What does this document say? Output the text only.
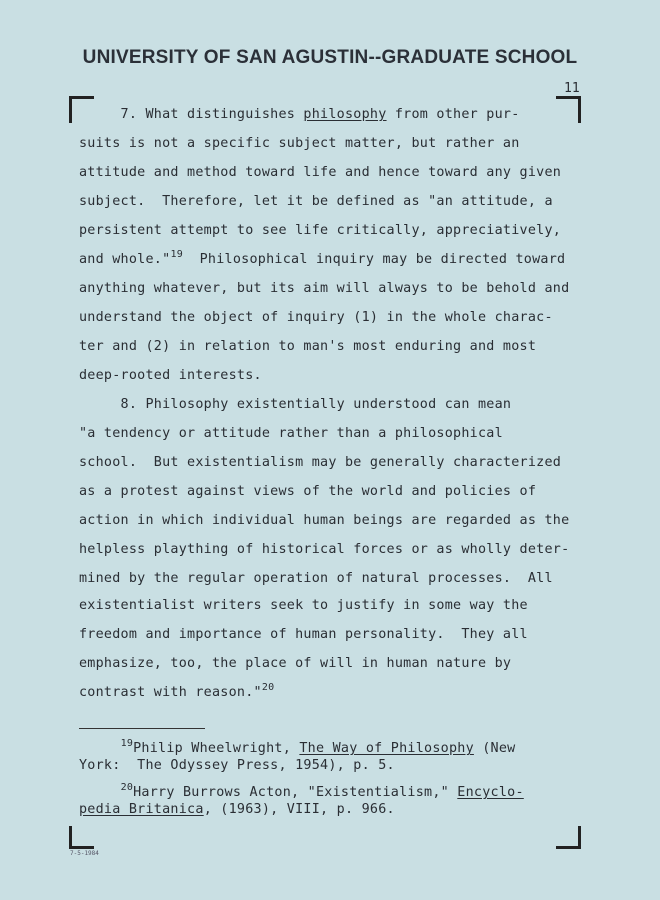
UNIVERSITY OF SAN AGUSTIN--GRADUATE SCHOOL
11
7. What distinguishes philosophy from other pur-
suits is not a specific subject matter, but rather an
attitude and method toward life and hence toward any given
subject.  Therefore, let it be defined as "an attitude, a
persistent attempt to see life critically, appreciatively,
and whole."$^{19}$  Philosophical inquiry may be directed toward
anything whatever, but its aim will always to be behold and
understand the object of inquiry (1) in the whole charac-
ter and (2) in relation to man's most enduring and most
deep-rooted interests.
8. Philosophy existentially understood can mean
"a tendency or attitude rather than a philosophical
school.  But existentialism may be generally characterized
as a protest against views of the world and policies of
action in which individual human beings are regarded as the
helpless plaything of historical forces or as wholly deter-
mined by the regular operation of natural processes.  All
existentialist writers seek to justify in some way the
freedom and importance of human personality.  They all
emphasize, too, the place of will in human nature by
contrast with reason."$^{20}$
$^{19}$Philip Wheelwright, The Way of Philosophy (New
York:  The Odyssey Press, 1954), p. 5.
$^{20}$Harry Burrows Acton, "Existentialism," Encyclo-
pedia Britanica, (1963), VIII, p. 966.
7-5-1984
